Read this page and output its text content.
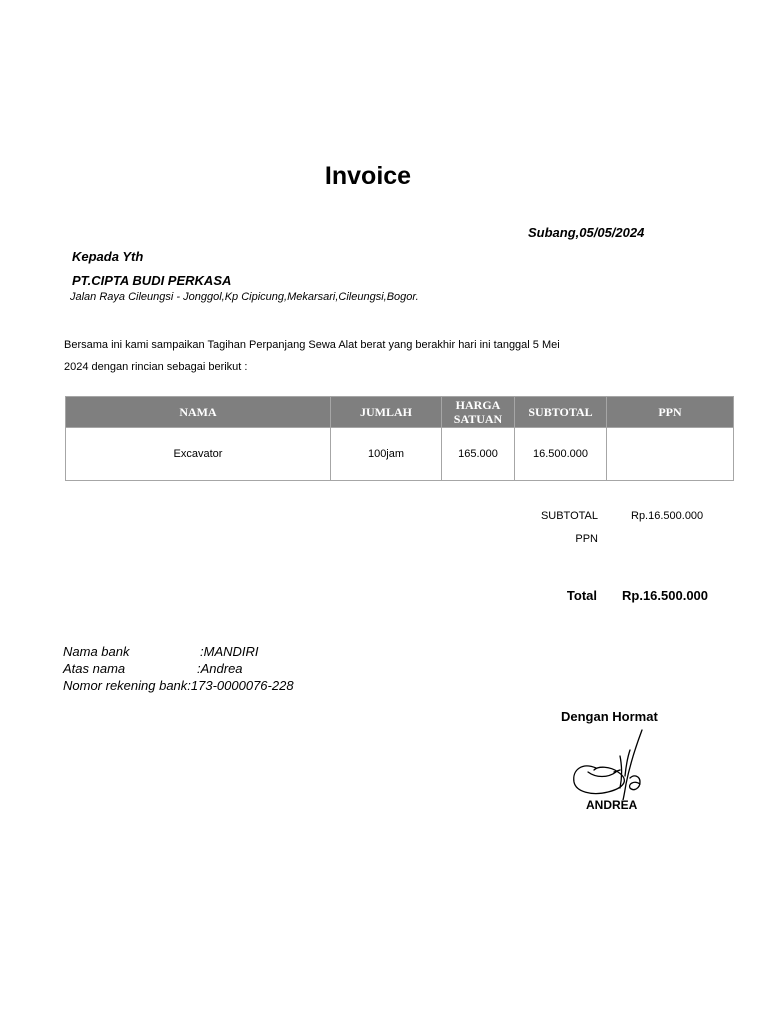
Invoice
Subang,05/05/2024
Kepada Yth
PT.CIPTA BUDI PERKASA
Jalan Raya Cileungsi - Jonggol,Kp Cipicung,Mekarsari,Cileungsi,Bogor.
Bersama ini kami sampaikan Tagihan Perpanjang Sewa Alat berat yang berakhir hari ini tanggal 5 Mei
2024 dengan rincian sebagai berikut :
NAMA	JUMLAH	HARGA SATUAN	SUBTOTAL	PPN
Excavator	100jam	165.000	16.500.000	
SUBTOTAL	Rp.16.500.000
PPN
Total Rp.16.500.000
Nama bank	:MANDIRI
Atas nama	:Andrea
Nomor rekening bank:173-0000076-228
Dengan Hormat
ANDREA
